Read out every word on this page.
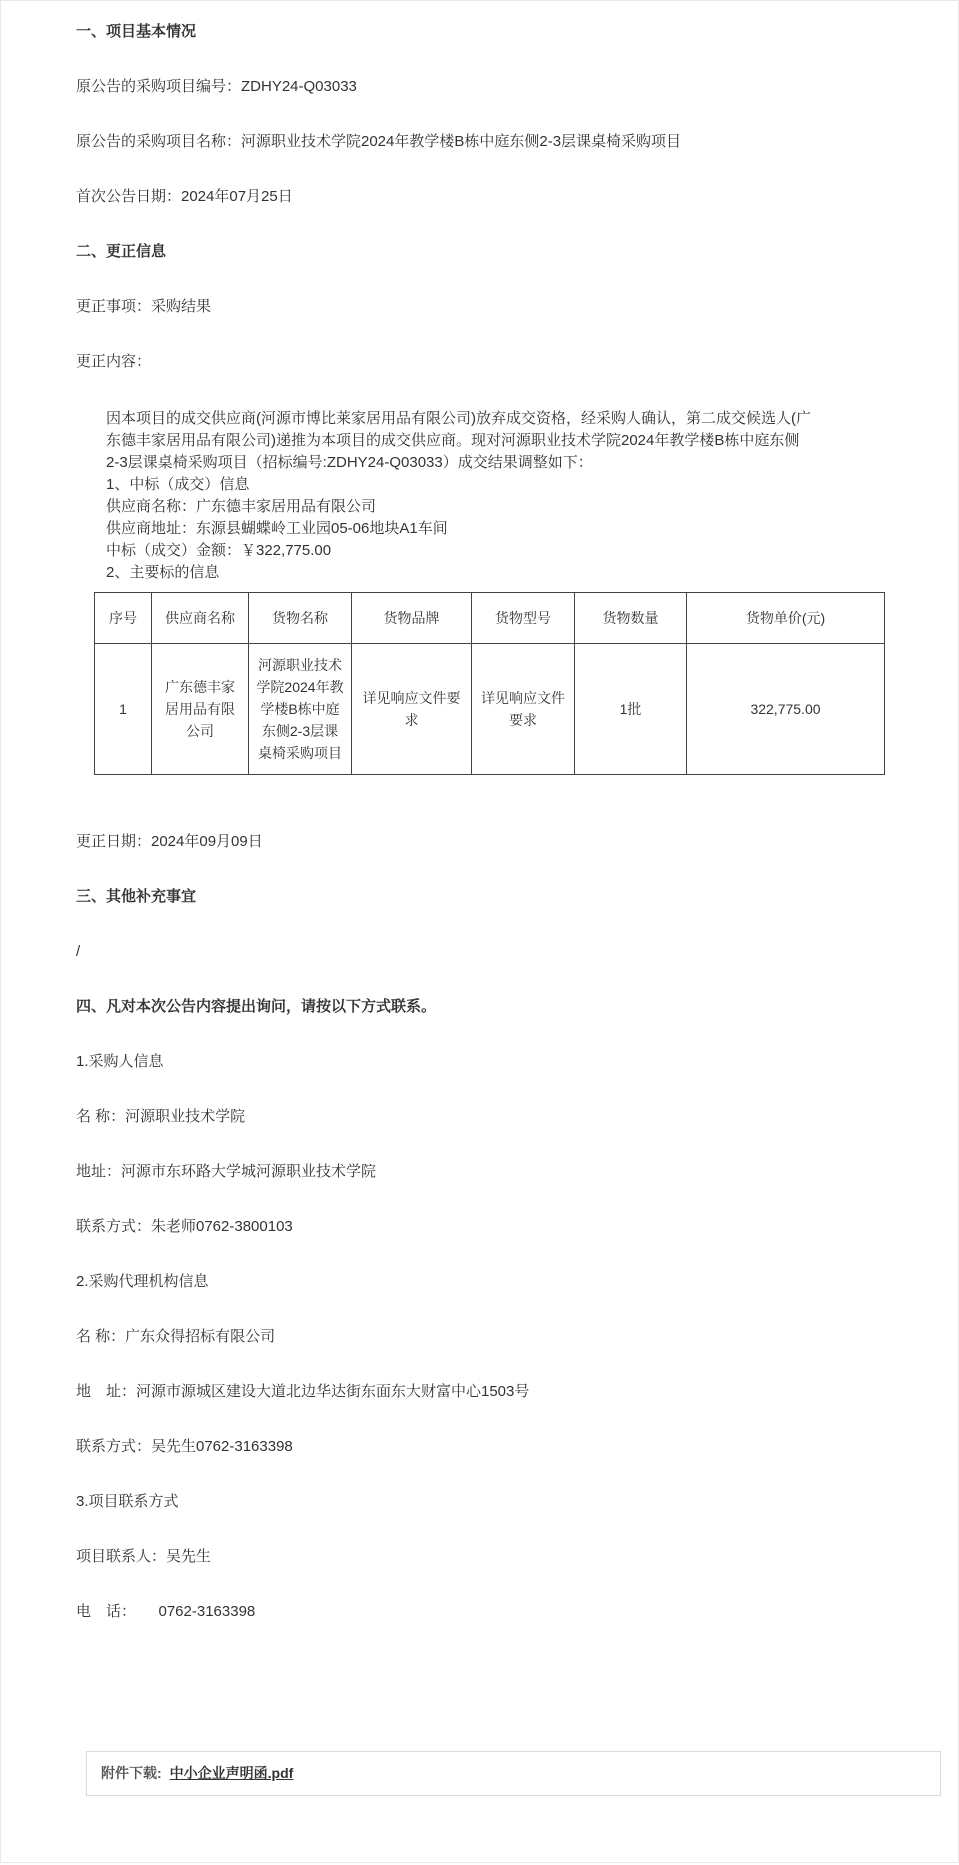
一、项目基本情况

原公告的采购项目编号：ZDHY24-Q03033

原公告的采购项目名称：河源职业技术学院2024年教学楼B栋中庭东侧2-3层课桌椅采购项目

首次公告日期：2024年07月25日

二、更正信息

更正事项：采购结果

更正内容：

因本项目的成交供应商(河源市博比莱家居用品有限公司)放弃成交资格，经采购人确认，第二成交候选人(广
东德丰家居用品有限公司)递推为本项目的成交供应商。现对河源职业技术学院2024年教学楼B栋中庭东侧
2-3层课桌椅采购项目（招标编号:ZDHY24-Q03033）成交结果调整如下：
1、中标（成交）信息
供应商名称：广东德丰家居用品有限公司
供应商地址：东源县蝴蝶岭工业园05-06地块A1车间
中标（成交）金额：￥322,775.00
2、主要标的信息
序号	供应商名称	货物名称	货物品牌	货物型号	货物数量	货物单价(元)
1	广东德丰家居用品有限公司	河源职业技术学院2024年教学楼B栋中庭东侧2-3层课桌椅采购项目	详见响应文件要求	详见响应文件要求	1批	322,775.00

更正日期：2024年09月09日

三、其他补充事宜

/

四、凡对本次公告内容提出询问，请按以下方式联系。

1.采购人信息

名 称：河源职业技术学院

地址：河源市东环路大学城河源职业技术学院

联系方式：朱老师0762-3800103

2.采购代理机构信息

名 称：广东众得招标有限公司

地　址：河源市源城区建设大道北边华达街东面东大财富中心1503号

联系方式：吴先生0762-3163398

3.项目联系方式

项目联系人：吴先生

电　话：　　0762-3163398

附件下载: 中小企业声明函.pdf
